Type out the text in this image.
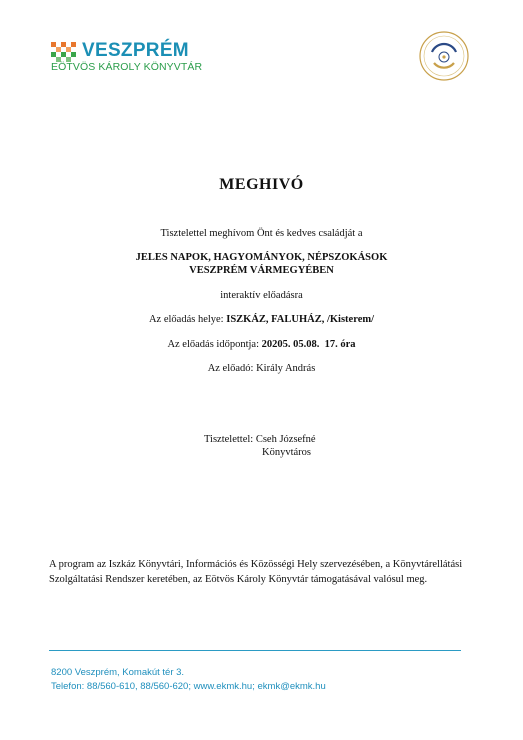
VESZPRÉM
EÖTVÖS KÁROLY KÖNYVTÁR
MEGHIVÓ
Tisztelettel meghívom Önt és kedves családját a
JELES NAPOK, HAGYOMÁNYOK, NÉPSZOKÁSOK
VESZPRÉM VÁRMEGYÉBEN
interaktív előadásra
Az előadás helye: ISZKÁZ, FALUHÁZ, /Kisterem/
Az előadás időpontja: 20205. 05.08.  17. óra
Az előadó: Király András
Tisztelettel: Cseh Józsefné
Könyvtáros
A program az Iszkáz Könyvtári, Információs és Közösségi Hely szervezésében, a Könyvtárellátási Szolgáltatási Rendszer keretében, az Eötvös Károly Könyvtár támogatásával valósul meg.
8200 Veszprém, Komakút tér 3.
Telefon: 88/560-610, 88/560-620; www.ekmk.hu; ekmk@ekmk.hu
